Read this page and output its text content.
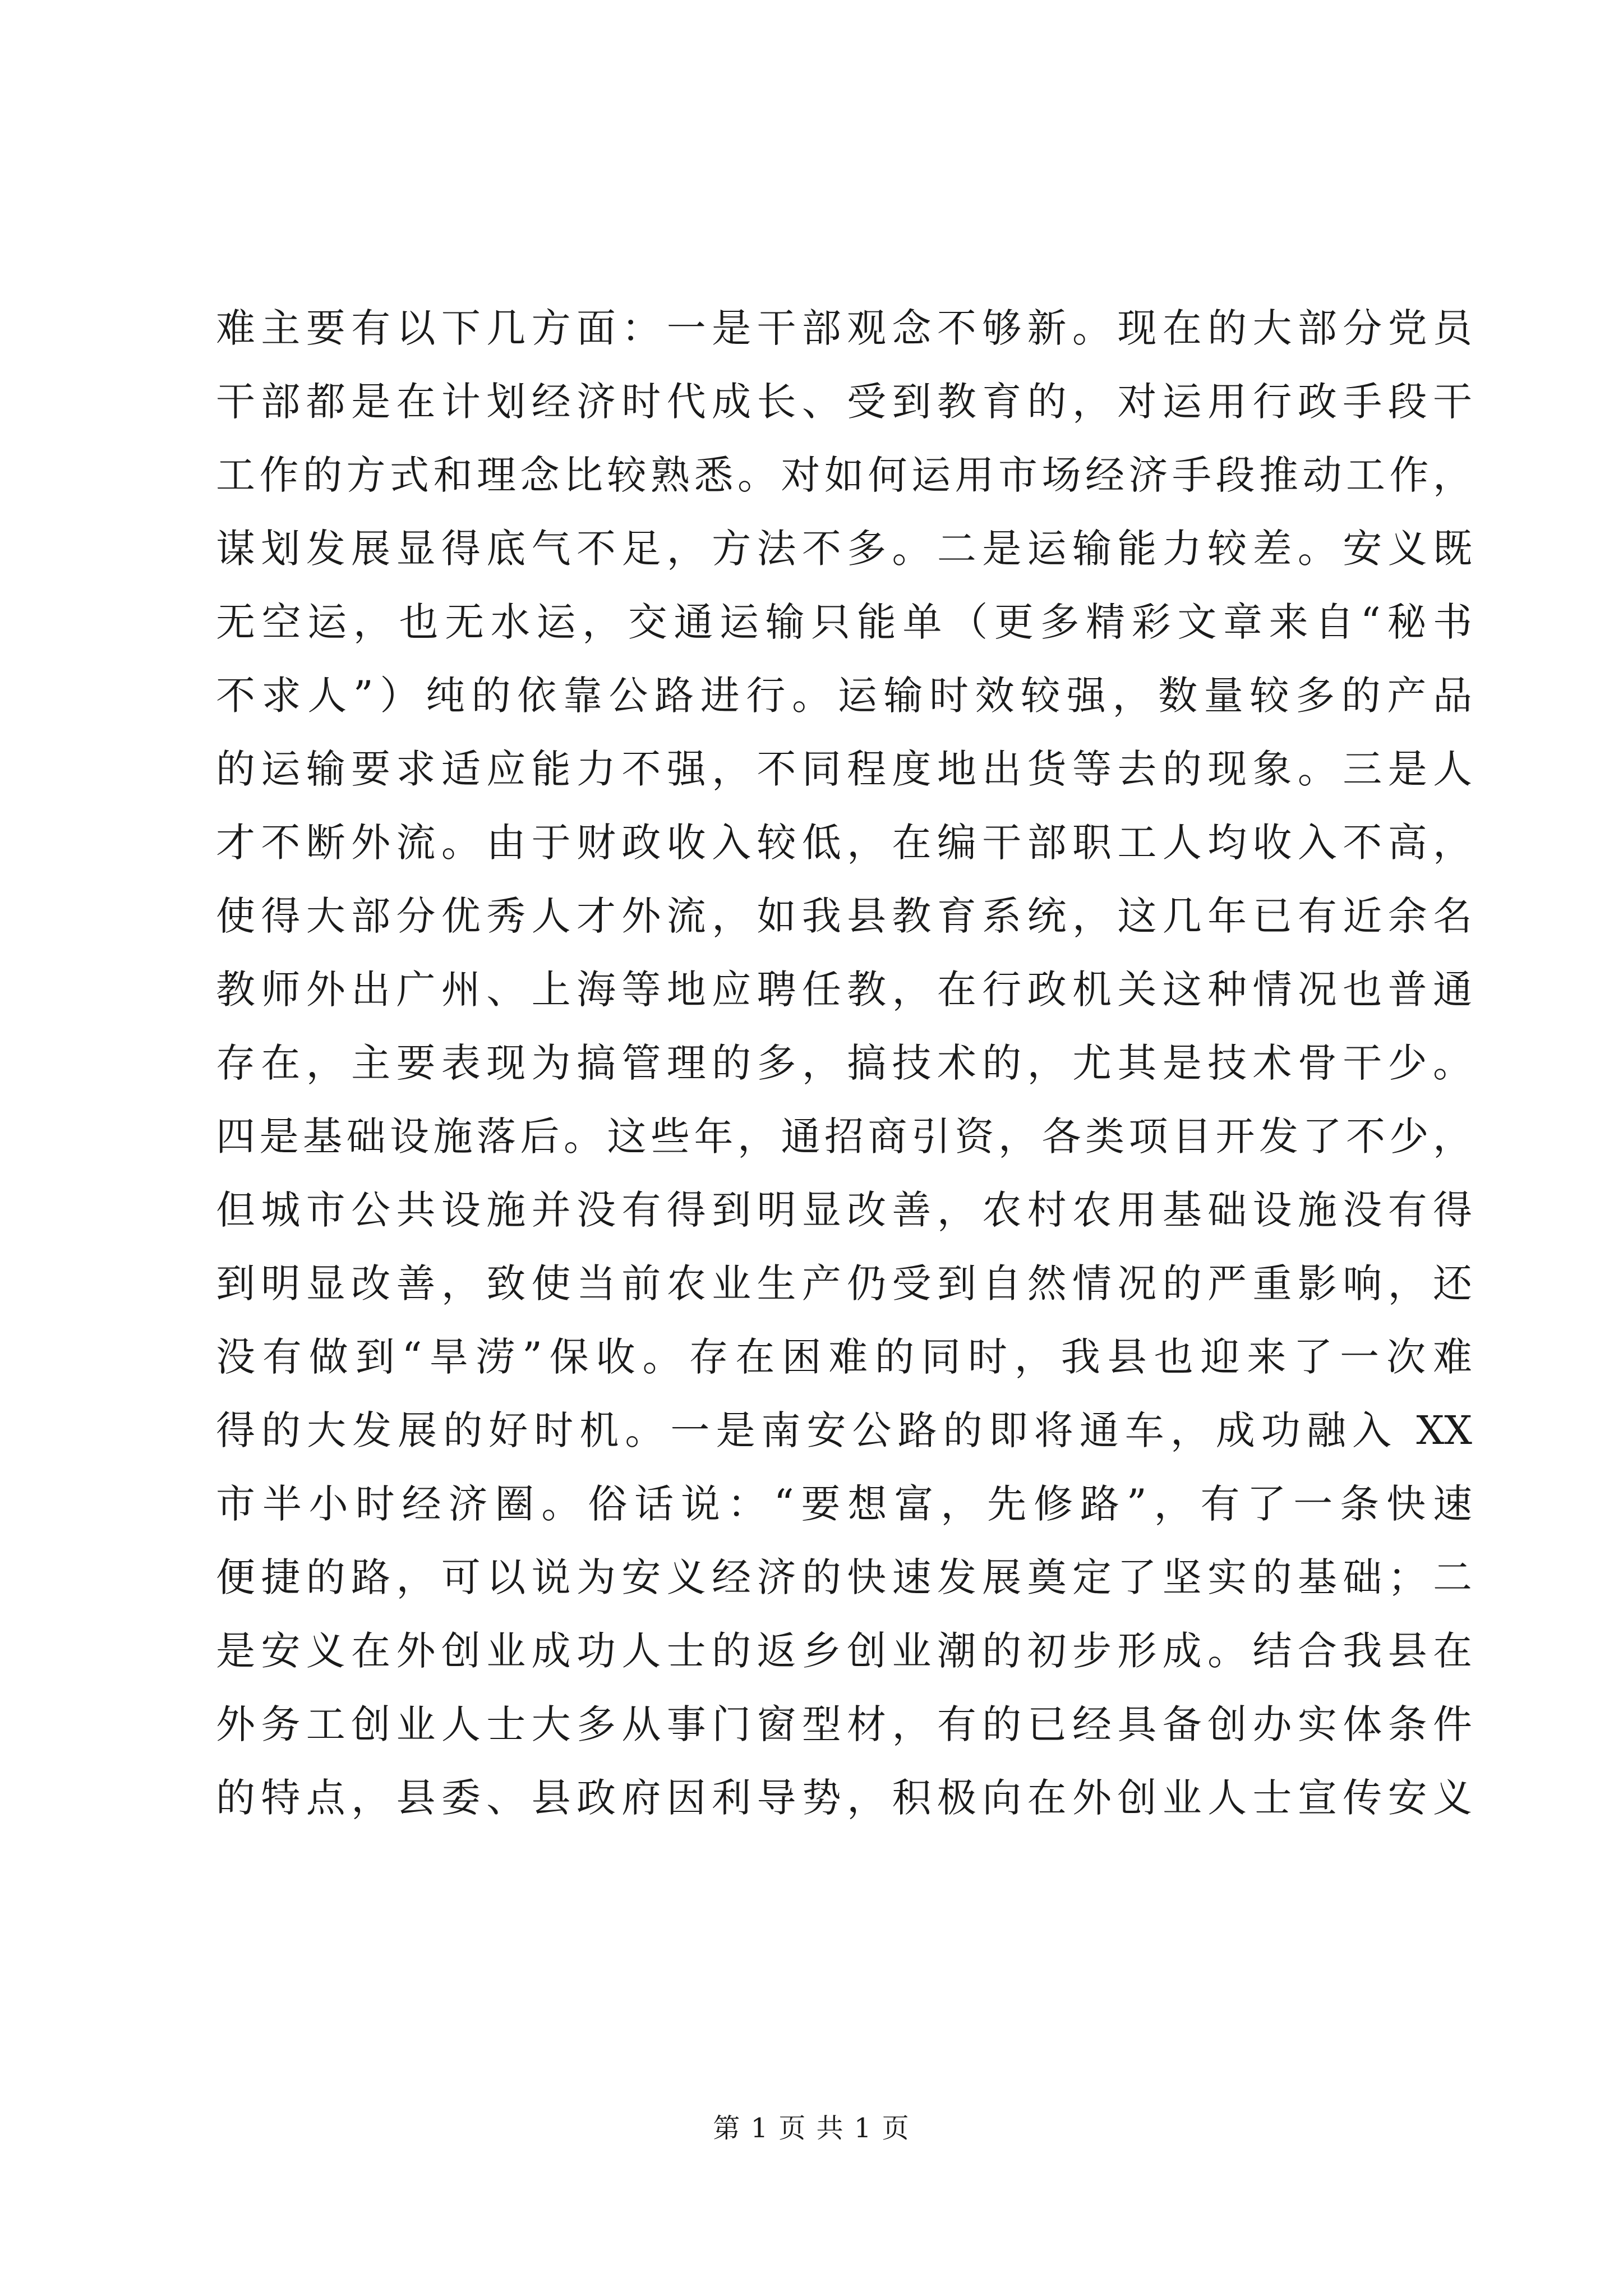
难主要有以下几方面：一是干部观念不够新。现在的大部分党员
干部都是在计划经济时代成长、受到教育的，对运用行政手段干
工作的方式和理念比较熟悉。对如何运用市场经济手段推动工作，
谋划发展显得底气不足，方法不多。二是运输能力较差。安义既
无空运，也无水运，交通运输只能单（更多精彩文章来自“秘书
不求人”）纯的依靠公路进行。运输时效较强，数量较多的产品
的运输要求适应能力不强，不同程度地出货等去的现象。三是人
才不断外流。由于财政收入较低，在编干部职工人均收入不高，
使得大部分优秀人才外流，如我县教育系统，这几年已有近余名
教师外出广州、上海等地应聘任教，在行政机关这种情况也普通
存在，主要表现为搞管理的多，搞技术的，尤其是技术骨干少。
四是基础设施落后。这些年，通招商引资，各类项目开发了不少，
但城市公共设施并没有得到明显改善，农村农用基础设施没有得
到明显改善，致使当前农业生产仍受到自然情况的严重影响，还
没有做到“旱涝”保收。存在困难的同时，我县也迎来了一次难
得的大发展的好时机。一是南安公路的即将通车，成功融入 XX
市半小时经济圈。俗话说：“要想富，先修路”，有了一条快速
便捷的路，可以说为安义经济的快速发展奠定了坚实的基础；二
是安义在外创业成功人士的返乡创业潮的初步形成。结合我县在
外务工创业人士大多从事门窗型材，有的已经具备创办实体条件
的特点，县委、县政府因利导势，积极向在外创业人士宣传安义
第 1 页 共 1 页
